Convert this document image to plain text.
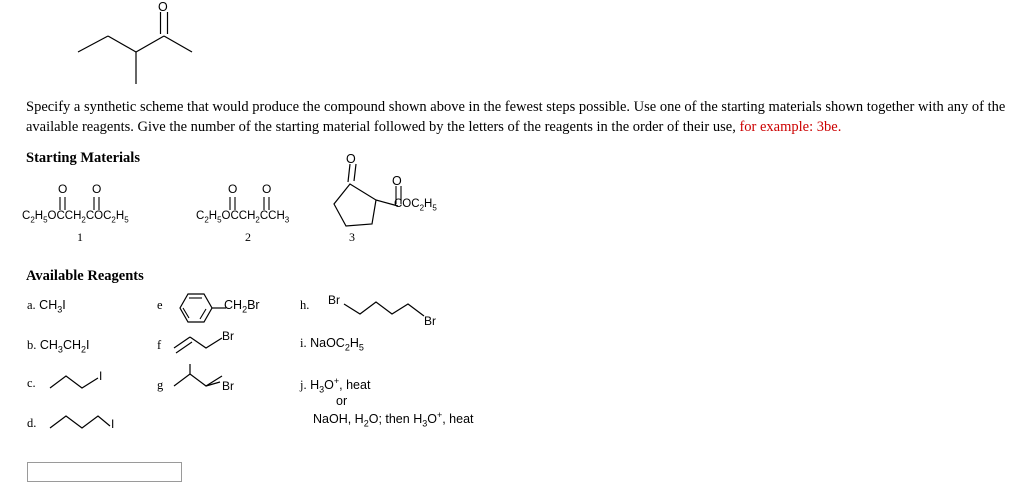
O
Specify a synthetic scheme that would produce the compound shown above in the fewest steps possible. Use one of the starting materials shown together with any of the available reagents. Give the number of the starting material followed by the letters of the reagents in the order of their use, for example: 3be.
Starting Materials
O O
$C_2H_5OCCH_2COC_2H_5$
1
O O
$C_2H_5OCCH_2CCH_3$
2
O
O
$COC_2H_5$
3
Available Reagents
a. $CH_3I$
b. $CH_3CH_2I$
c.	I
d.	I
e	$CH_2Br$
f
Br
g	Br
h. Br
Br
i. $NaOC_2H_5$
j. $H_3O^+$, heat
or
NaOH, $H_2O$; then $H_3O^+$, heat
